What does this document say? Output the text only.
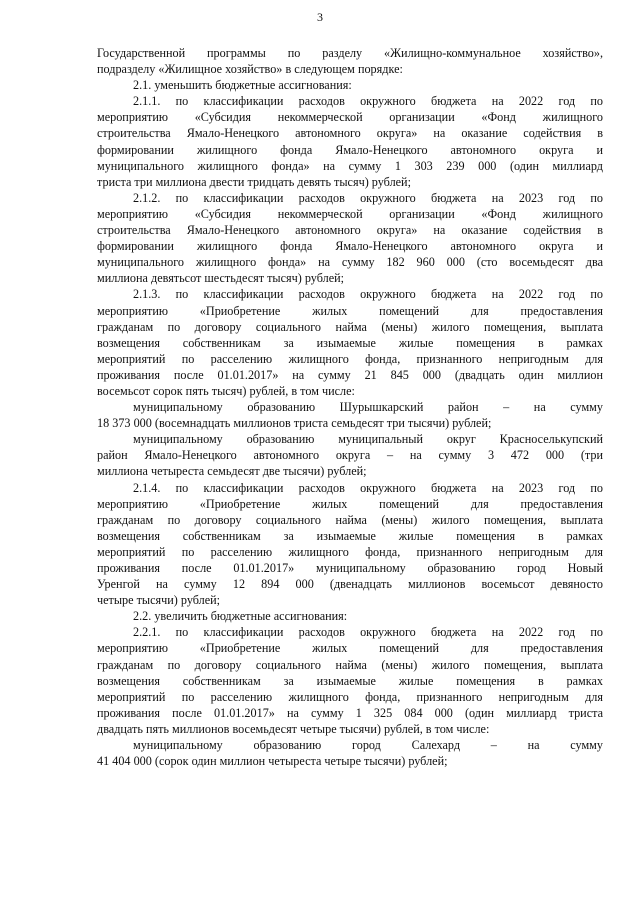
3
Государственной программы по разделу «Жилищно-коммунальное хозяйство»,
подразделу «Жилищное хозяйство» в следующем порядке:
2.1. уменьшить бюджетные ассигнования:
2.1.1. по классификации расходов окружного бюджета на 2022 год по
мероприятию «Субсидия некоммерческой организации «Фонд жилищного
строительства Ямало-Ненецкого автономного округа» на оказание содействия в
формировании жилищного фонда Ямало-Ненецкого автономного округа и
муниципального жилищного фонда» на сумму 1 303 239 000 (один миллиард
триста три миллиона двести тридцать девять тысяч) рублей;
2.1.2. по классификации расходов окружного бюджета на 2023 год по
мероприятию «Субсидия некоммерческой организации «Фонд жилищного
строительства Ямало-Ненецкого автономного округа» на оказание содействия в
формировании жилищного фонда Ямало-Ненецкого автономного округа и
муниципального жилищного фонда» на сумму 182 960 000 (сто восемьдесят два
миллиона девятьсот шестьдесят тысяч) рублей;
2.1.3. по классификации расходов окружного бюджета на 2022 год по
мероприятию «Приобретение жилых помещений для предоставления
гражданам по договору социального найма (мены) жилого помещения, выплата
возмещения собственникам за изымаемые жилые помещения в рамках
мероприятий по расселению жилищного фонда, признанного непригодным для
проживания после 01.01.2017» на сумму 21 845 000 (двадцать один миллион
восемьсот сорок пять тысяч) рублей, в том числе:
муниципальному образованию Шурышкарский район – на сумму
18 373 000 (восемнадцать миллионов триста семьдесят три тысячи) рублей;
муниципальному образованию муниципальный округ Красноселькупский
район Ямало-Ненецкого автономного округа – на сумму 3 472 000 (три
миллиона четыреста семьдесят две тысячи) рублей;
2.1.4. по классификации расходов окружного бюджета на 2023 год по
мероприятию «Приобретение жилых помещений для предоставления
гражданам по договору социального найма (мены) жилого помещения, выплата
возмещения собственникам за изымаемые жилые помещения в рамках
мероприятий по расселению жилищного фонда, признанного непригодным для
проживания после 01.01.2017» муниципальному образованию город Новый
Уренгой на сумму 12 894 000 (двенадцать миллионов восемьсот девяносто
четыре тысячи) рублей;
2.2. увеличить бюджетные ассигнования:
2.2.1. по классификации расходов окружного бюджета на 2022 год по
мероприятию «Приобретение жилых помещений для предоставления
гражданам по договору социального найма (мены) жилого помещения, выплата
возмещения собственникам за изымаемые жилые помещения в рамках
мероприятий по расселению жилищного фонда, признанного непригодным для
проживания после 01.01.2017» на сумму 1 325 084 000 (один миллиард триста
двадцать пять миллионов восемьдесят четыре тысячи) рублей, в том числе:
муниципальному образованию город Салехард – на сумму
41 404 000 (сорок один миллион четыреста четыре тысячи) рублей;
